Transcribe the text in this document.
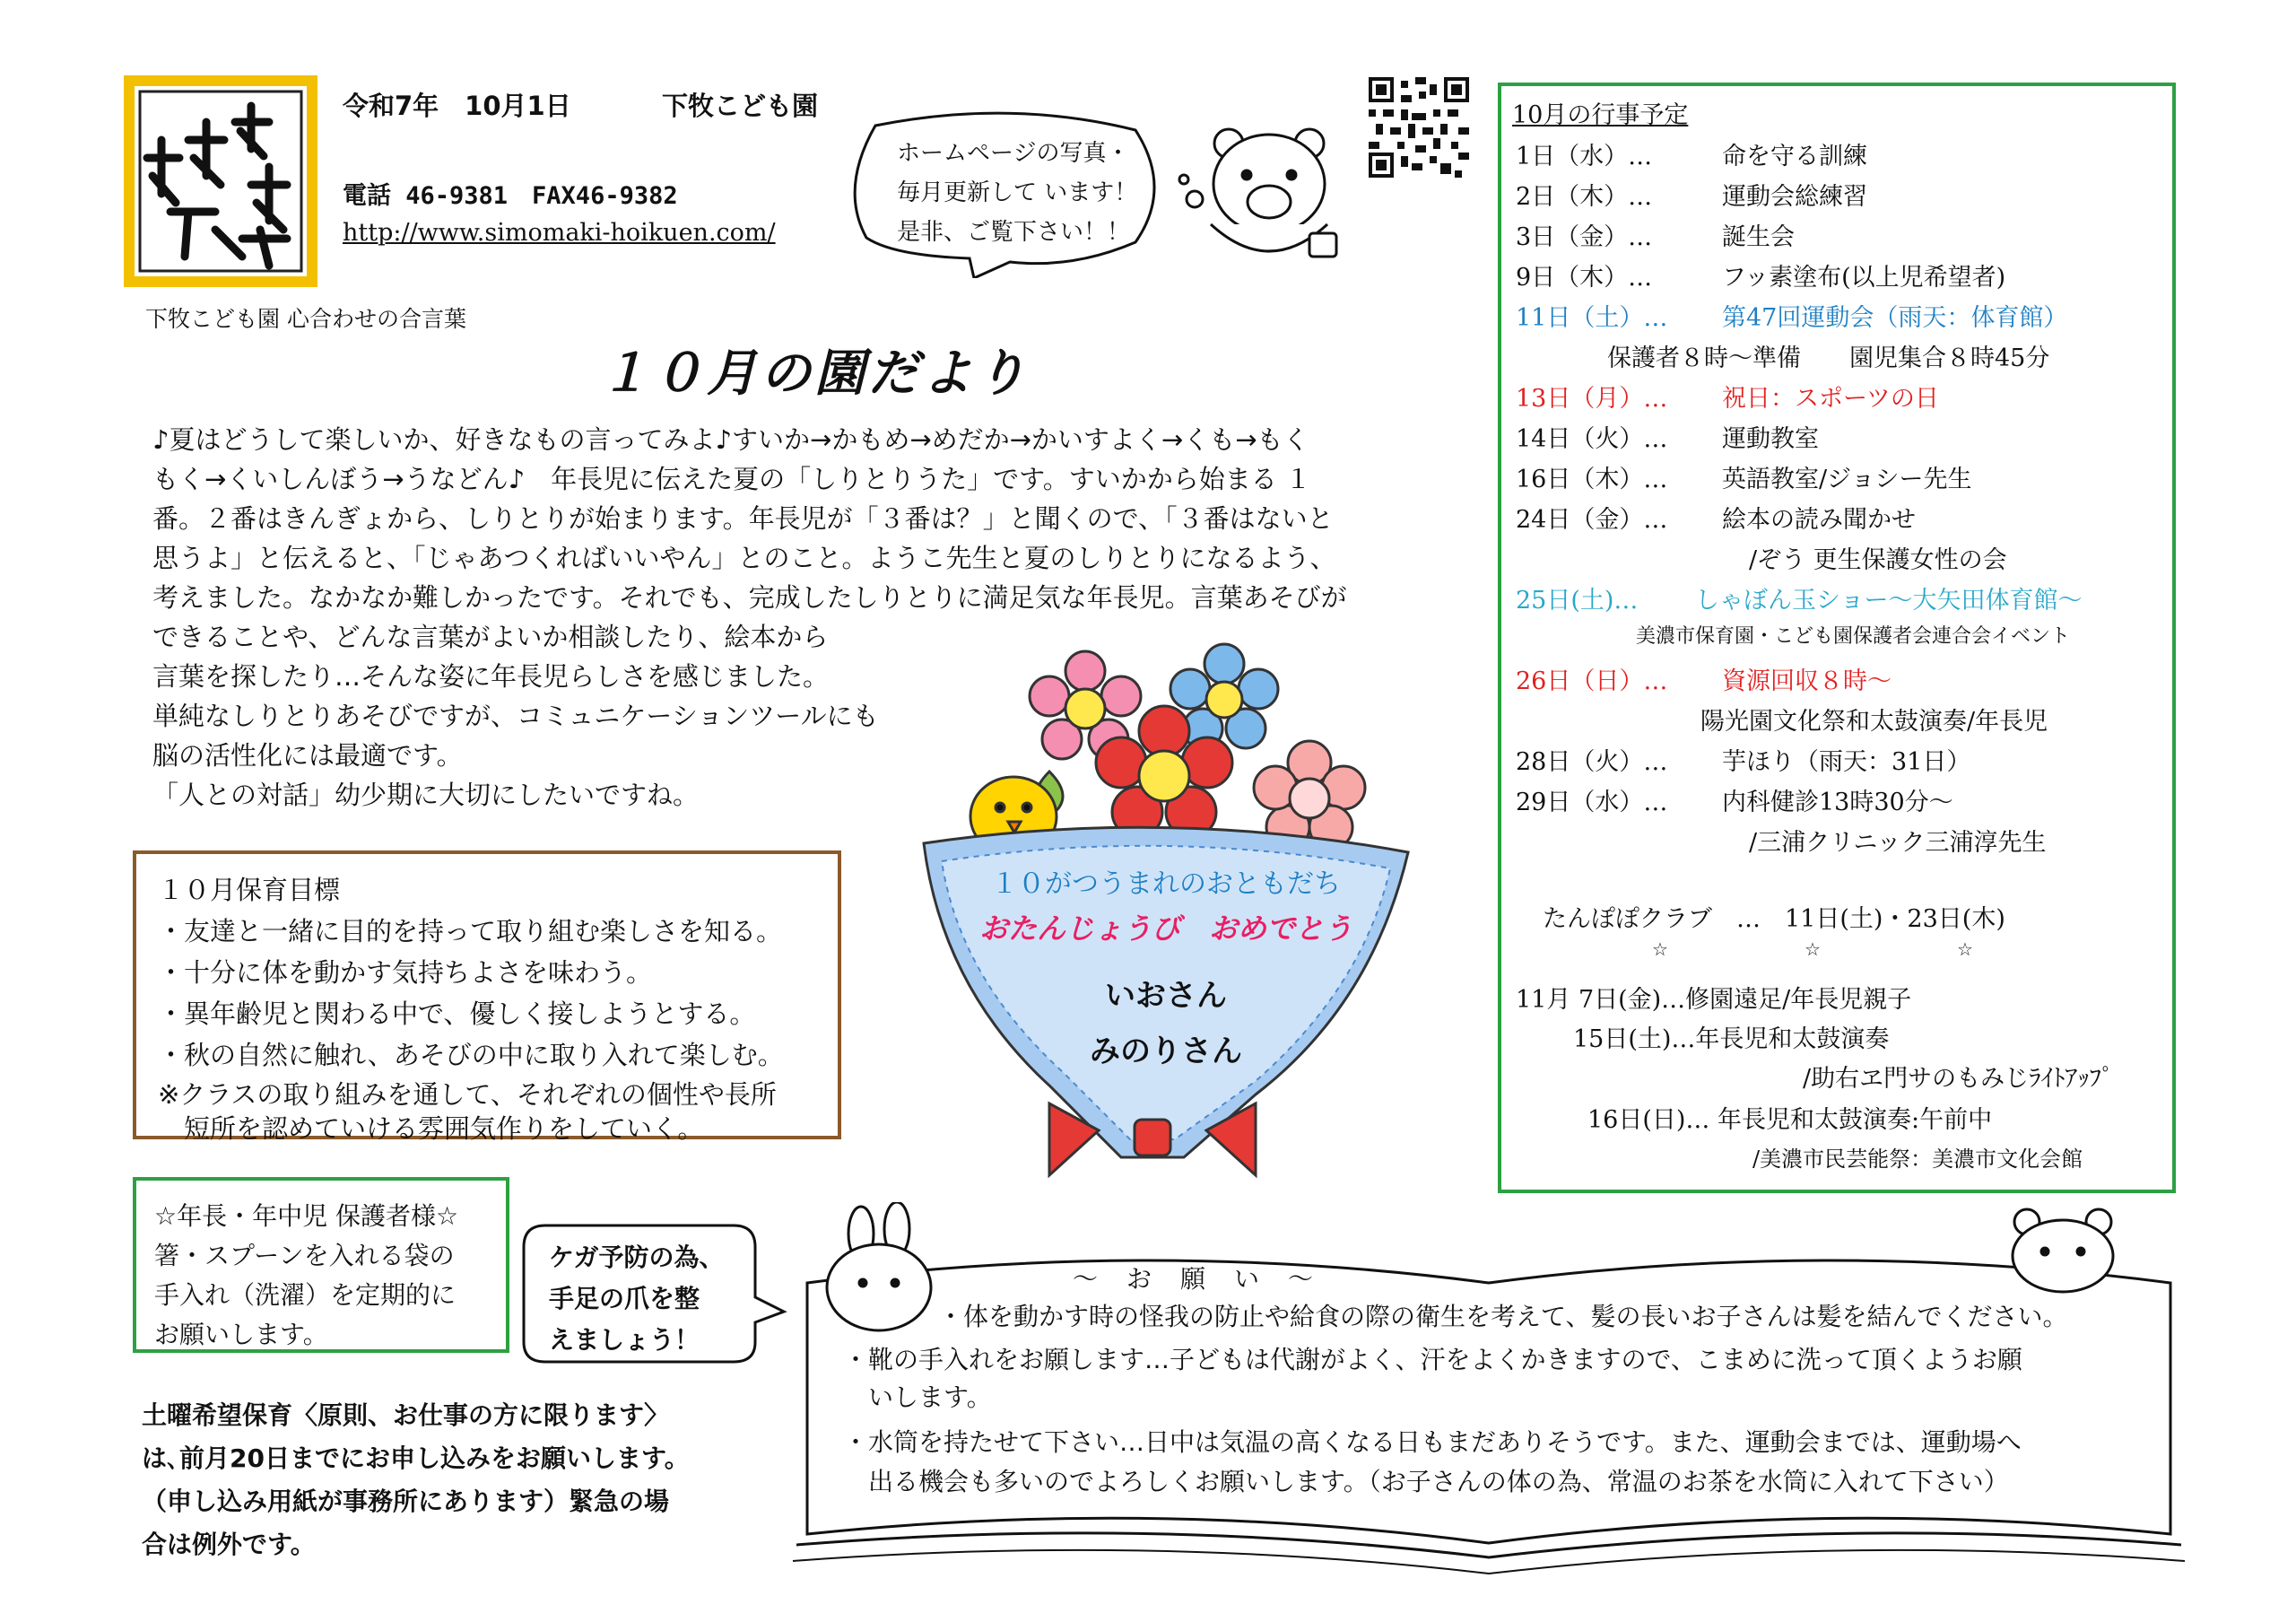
令和7年　10月1日	下牧こども園
電話 46-9381　FAX46-9382
http://www.simomaki-hoikuen.com/
下牧こども園 心合わせの合言葉
ホームページの写真・
毎月更新して います！
是非、ご覧下さい！！
１０月の園だより
♪夏はどうして楽しいか、好きなもの言ってみよ♪すいか→かもめ→めだか→かいすよく→くも→もく
もく→くいしんぼう→うなどん♪　年長児に伝えた夏の「しりとりうた」です。すいかから始まる １
番。２番はきんぎょから、しりとりが始まります。年長児が「３番は？」と聞くので、「３番はないと
思うよ」と伝えると、「じゃあつくればいいやん」とのこと。ようこ先生と夏のしりとりになるよう、
考えました。なかなか難しかったです。それでも、完成したしりとりに満足気な年長児。言葉あそびが
できることや、どんな言葉がよいか相談したり、絵本から
言葉を探したり…そんな姿に年長児らしさを感じました。
単純なしりとりあそびですが、コミュニケーションツールにも
脳の活性化には最適です。
「人との対話」幼少期に大切にしたいですね。
１０月保育目標
・友達と一緒に目的を持って取り組む楽しさを知る。
・十分に体を動かす気持ちよさを味わう。
・異年齢児と関わる中で、優しく接しようとする。
・秋の自然に触れ、あそびの中に取り入れて楽しむ。
※クラスの取り組みを通して、それぞれの個性や長所
　短所を認めていける雰囲気作りをしていく。
１０がつうまれのおともだち
おたんじょうび　おめでとう
いおさん
みのりさん
☆年長・年中児 保護者様☆
箸・スプーンを入れる袋の
手入れ（洗濯）を定期的に
お願いします。
ケガ予防の為、
手足の爪を整
えましょう！
土曜希望保育〈原則、お仕事の方に限ります〉
は､前月20日までにお申し込みをお願いします。
（申し込み用紙が事務所にあります）緊急の場
合は例外です。
10月の行事予定
1日（水）…	命を守る訓練
2日（木）…	運動会総練習
3日（金）…	誕生会
9日（木）…	フッ素塗布(以上児希望者)
11日（土）… 第47回運動会（雨天：体育館）
保護者８時～準備　　園児集合８時45分
13日（月）… 祝日：スポーツの日
14日（火）… 運動教室
16日（木）… 英語教室/ジョシー先生
24日（金）… 絵本の読み聞かせ
/ぞう 更生保護女性の会
25日(土)… しゃぼん玉ショー～大矢田体育館～
美濃市保育園・こども園保護者会連合会イベント
26日（日）… 資源回収８時～
陽光園文化祭和太鼓演奏/年長児
28日（火）… 芋ほり（雨天：31日）
29日（水）… 内科健診13時30分～
/三浦クリニック三浦淳先生
たんぽぽクラブ　…　11日(土)・23日(木)
☆	☆	☆
11月 7日(金)…修園遠足/年長児親子
15日(土)…年長児和太鼓演奏
/助右ヱ門サのもみじﾗｲﾄｱｯﾌﾟ
16日(日)… 年長児和太鼓演奏:午前中
/美濃市民芸能祭：美濃市文化会館
～　お　願　い　～
・体を動かす時の怪我の防止や給食の際の衛生を考えて、髪の長いお子さんは髪を結んでください。
・靴の手入れをお願します…子どもは代謝がよく、汗をよくかきますので、こまめに洗って頂くようお願
　いします。
・水筒を持たせて下さい…日中は気温の高くなる日もまだありそうです。また、運動会までは、運動場へ
　出る機会も多いのでよろしくお願いします。（お子さんの体の為、常温のお茶を水筒に入れて下さい）
